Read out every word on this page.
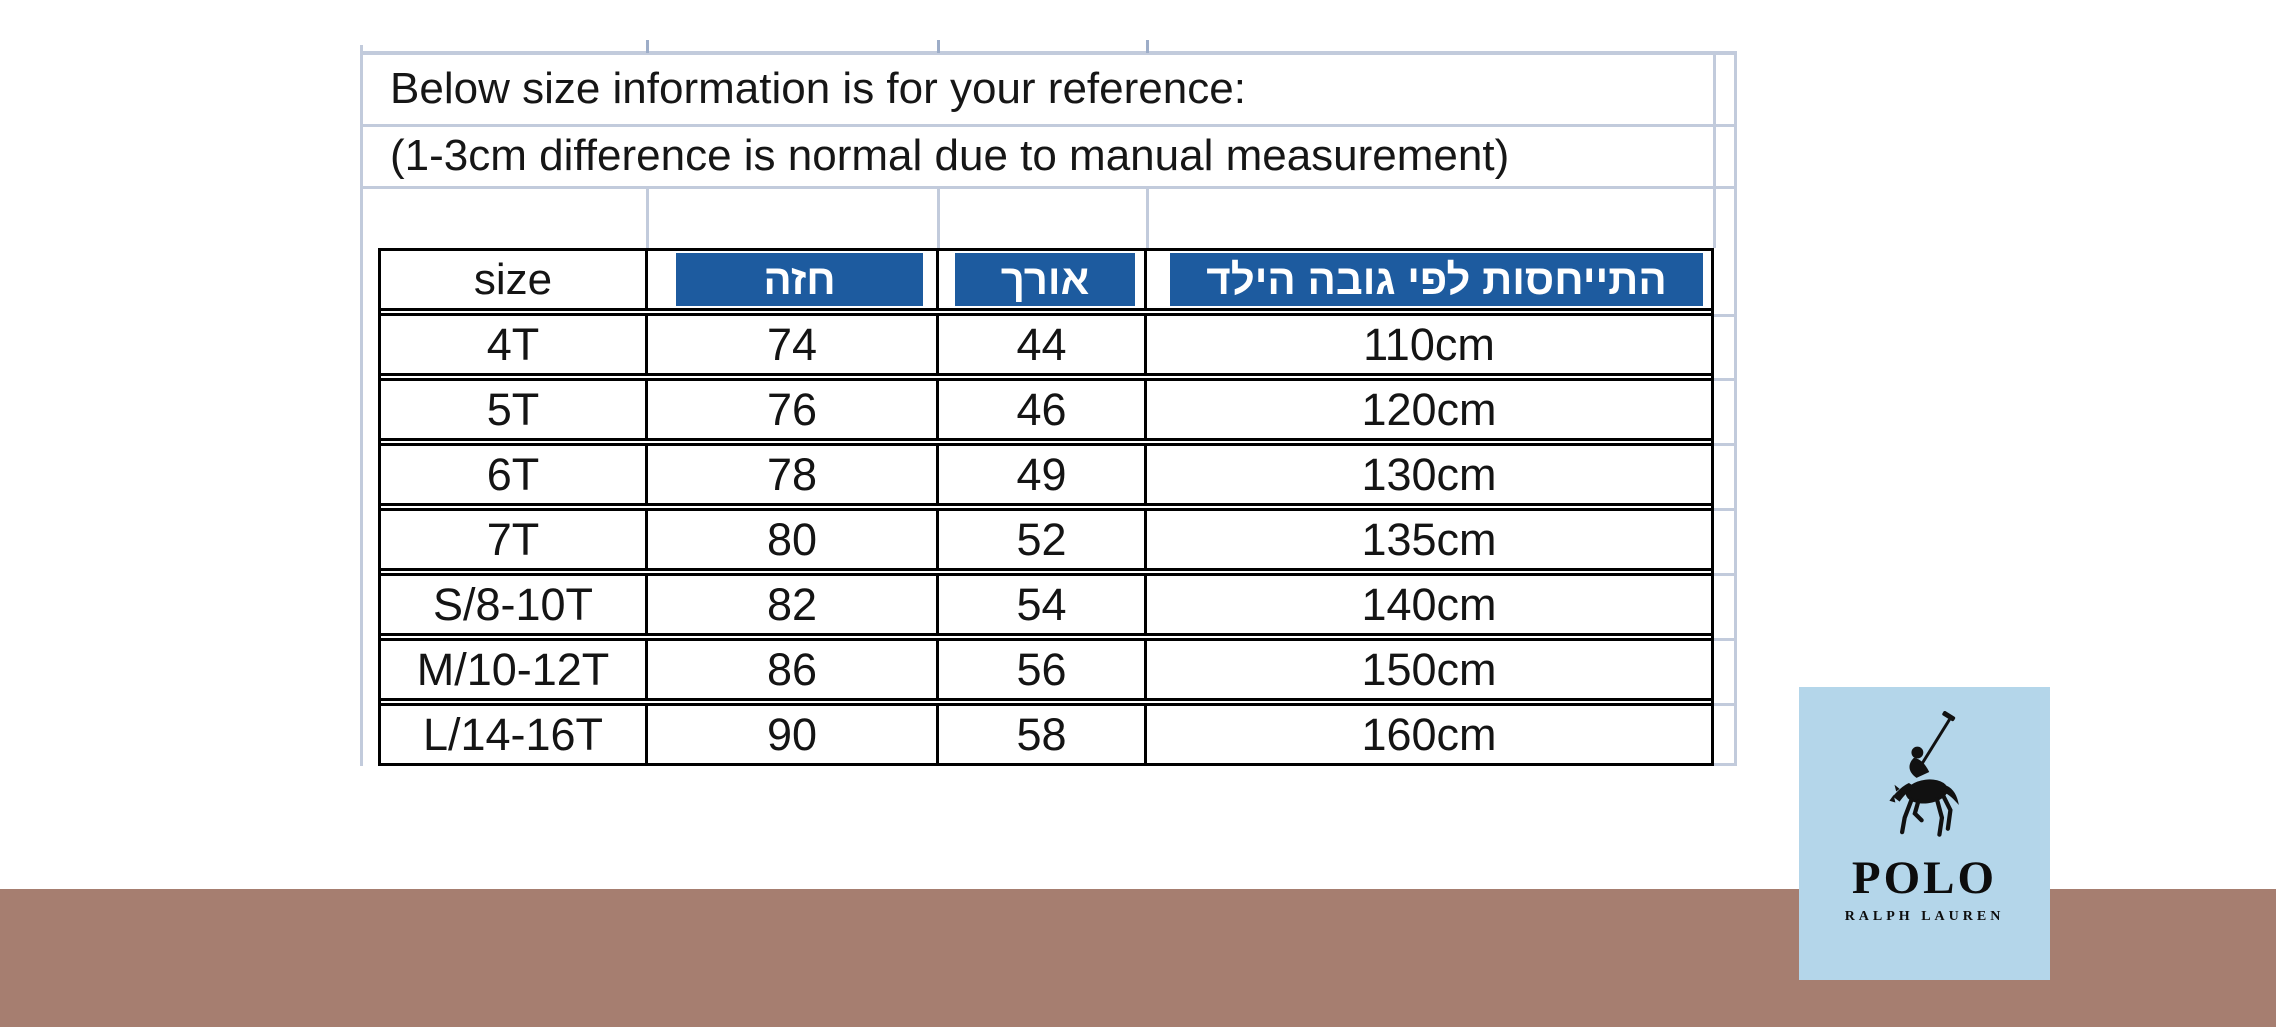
Below size information is for your reference:
(1-3cm difference is normal due to manual measurement)
size	חזה	אורך	התייחסות לפי גובה הילד
4T	74	44	110cm
5T	76	46	120cm
6T	78	49	130cm
7T	80	52	135cm
S/8-10T	82	54	140cm
M/10-12T	86	56	150cm
L/14-16T	90	58	160cm
POLO
RALPH LAUREN
